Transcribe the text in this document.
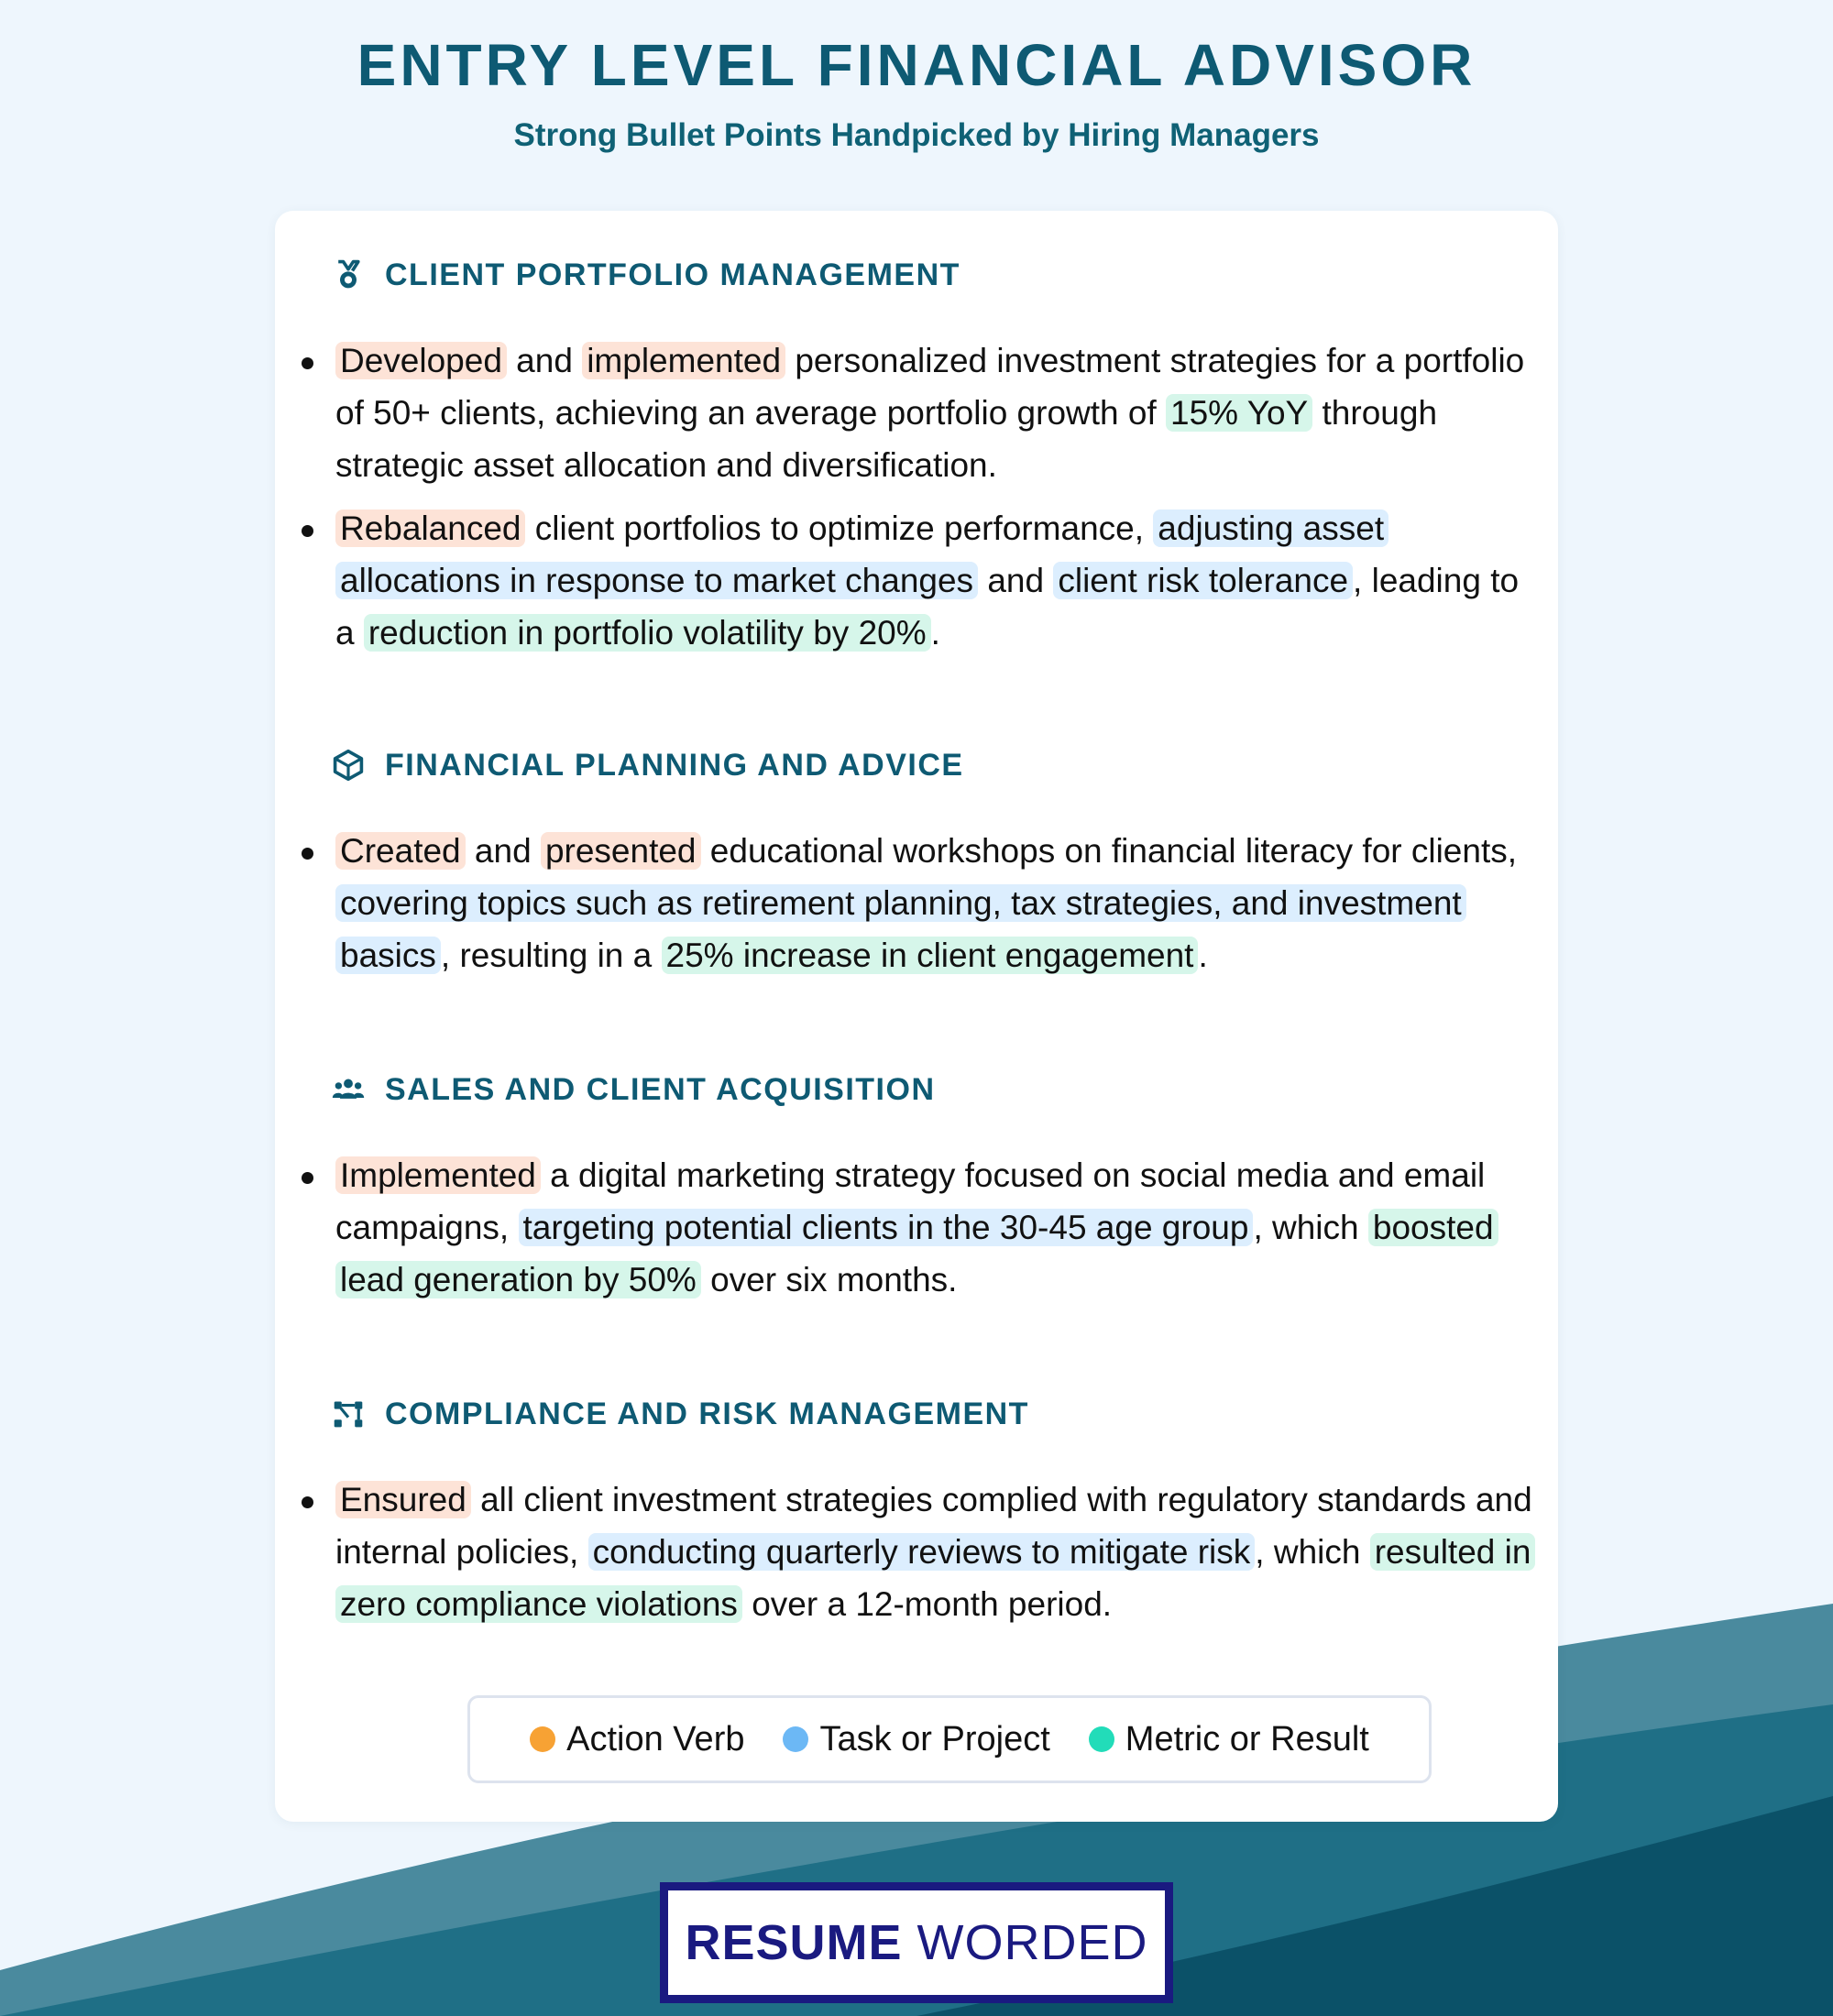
ENTRY LEVEL FINANCIAL ADVISOR
Strong Bullet Points Handpicked by Hiring Managers
CLIENT PORTFOLIO MANAGEMENT
Developed and implemented personalized investment strategies for a portfolio of 50+ clients, achieving an average portfolio growth of 15% YoY through strategic asset allocation and diversification.
Rebalanced client portfolios to optimize performance, adjusting asset allocations in response to market changes and client risk tolerance , leading to a reduction in portfolio volatility by 20% .
FINANCIAL PLANNING AND ADVICE
Created and presented educational workshops on financial literacy for clients, covering topics such as retirement planning, tax strategies, and investment basics , resulting in a 25% increase in client engagement .
SALES AND CLIENT ACQUISITION
Implemented a digital marketing strategy focused on social media and email campaigns, targeting potential clients in the 30-45 age group , which boosted lead generation by 50% over six months.
COMPLIANCE AND RISK MANAGEMENT
Ensured all client investment strategies complied with regulatory standards and internal policies, conducting quarterly reviews to mitigate risk , which resulted in zero compliance violations over a 12-month period.
Action Verb Task or Project Metric or Result
RESUME WORDED
